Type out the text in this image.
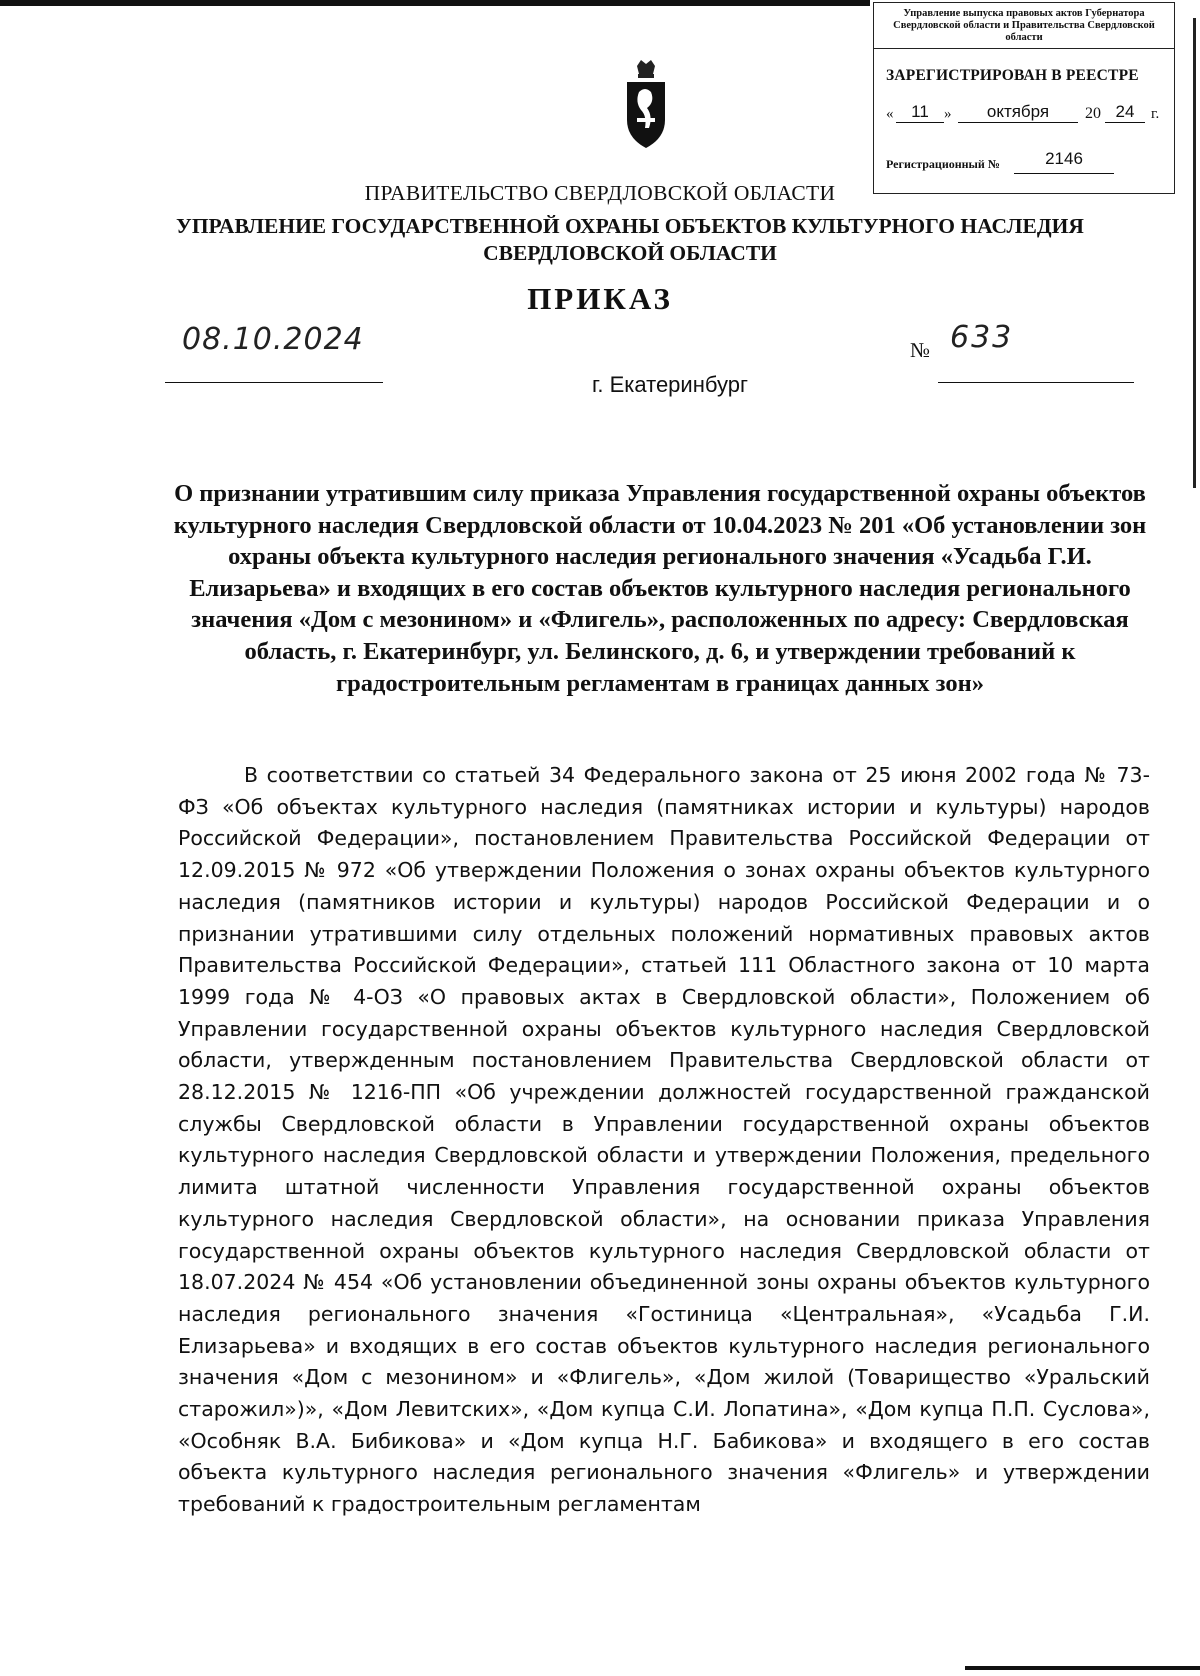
Управление выпуска правовых актов Губернатора Свердловской области и Правительства Свердловской области
ЗАРЕГИСТРИРОВАН В РЕЕСТРЕ
«	11	»	октября	20 24	г.
Регистрационный №	2146
ПРАВИТЕЛЬСТВО СВЕРДЛОВСКОЙ ОБЛАСТИ
УПРАВЛЕНИЕ ГОСУДАРСТВЕННОЙ ОХРАНЫ ОБЪЕКТОВ КУЛЬТУРНОГО НАСЛЕДИЯ СВЕРДЛОВСКОЙ ОБЛАСТИ
ПРИКАЗ
08.10.2024	№ 633
г. Екатеринбург
О признании утратившим силу приказа Управления государственной охраны объектов культурного наследия Свердловской области от 10.04.2023 № 201 «Об установлении зон охраны объекта культурного наследия регионального значения «Усадьба Г.И. Елизарьева» и входящих в его состав объектов культурного наследия регионального значения «Дом с мезонином» и «Флигель», расположенных по адресу: Свердловская область, г. Екатеринбург, ул. Белинского, д. 6, и утверждении требований к градостроительным регламентам в границах данных зон»

В соответствии со статьей 34 Федерального закона от 25 июня 2002 года № 73-ФЗ «Об объектах культурного наследия (памятниках истории и культуры) народов Российской Федерации», постановлением Правительства Российской Федерации от 12.09.2015 № 972 «Об утверждении Положения о зонах охраны объектов культурного наследия (памятников истории и культуры) народов Российской Федерации и о признании утратившими силу отдельных положений нормативных правовых актов Правительства Российской Федерации», статьей 111 Областного закона от 10 марта 1999 года № 4-ОЗ «О правовых актах в Свердловской области», Положением об Управлении государственной охраны объектов культурного наследия Свердловской области, утвержденным постановлением Правительства Свердловской области от 28.12.2015 № 1216-ПП «Об учреждении должностей государственной гражданской службы Свердловской области в Управлении государственной охраны объектов культурного наследия Свердловской области и утверждении Положения, предельного лимита штатной численности Управления государственной охраны объектов культурного наследия Свердловской области», на основании приказа Управления государственной охраны объектов культурного наследия Свердловской области от 18.07.2024 № 454 «Об установлении объединенной зоны охраны объектов культурного наследия регионального значения «Гостиница «Центральная», «Усадьба Г.И. Елизарьева» и входящих в его состав объектов культурного наследия регионального значения «Дом с мезонином» и «Флигель», «Дом жилой (Товарищество «Уральский старожил»)», «Дом Левитских», «Дом купца С.И. Лопатина», «Дом купца П.П. Суслова», «Особняк В.А. Бибикова» и «Дом купца Н.Г. Бабикова» и входящего в его состав объекта культурного наследия регионального значения «Флигель» и утверждении требований к градостроительным регламентам
